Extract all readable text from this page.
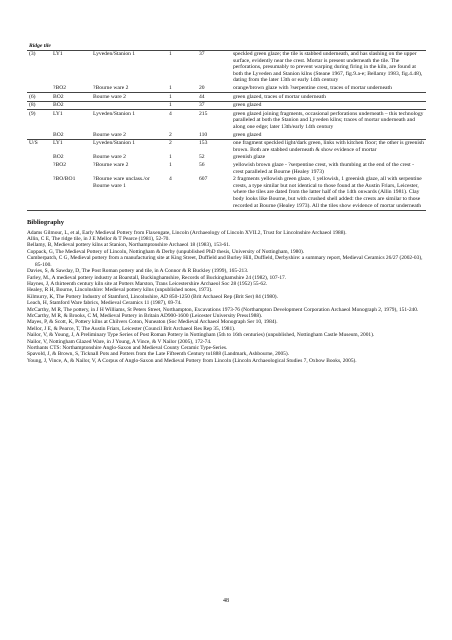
Ridge tile					
(3)	LY1	Lyveden/Stanion 1	1	37	speckled green glaze; the tile is stabbed underneath, and has slashing on the upper surface, evidently near the crest. Mortar is present underneath the tile. The perforations, presumably to prevent warping during firing in the kiln, are found at both the Lyveden and Stanion kilns (Steane 1967, fig.9.a-e; Bellamy 1983, fig.4.48), dating from the later 13th or early 14th century
	?BO2	?Bourne ware 2	1	20	orange/brown glaze with ?serpentine crest, traces of mortar underneath
(6)	BO2	Bourne ware 2	1	44	green glazed, traces of mortar underneath
(8)	BO2		1	37	green glazed
(9)	LY1	Lyveden/Stanion 1	4	215	green glazed joining fragments, occasional perforations underneath – this technology paralleled at both the Stanion and Lyveden kilns; traces of mortar underneath and along one edge; later 13th/early 14th century
	BO2	Bourne ware 2	2	110	green glazed
U/S	LY1	Lyveden/Stanion 1	2	153	one fragment speckled light/dark green, links with kitchen floor; the other is greenish brown. Both are stabbed underneath & show evidence of mortar
	BO2	Bourne ware 2	1	52	greenish glaze
	?BO2	?Bourne ware 2	1	56	yellowish brown glaze - ?serpentine crest, with thumbing at the end of the crest - crest paralleled at Bourne (Healey 1973)
	?BO/BO1	?Bourne ware unclass./or Bourne ware 1	4	607	2 fragments yellowish green glaze, 1 yellowish, 1 greenish glaze, all with serpentine crests, a type similar but not identical to those found at the Austin Friars, Leicester, where the tiles are dated from the latter half of the 14th onwards (Allin 1981). Clay body looks like Bourne, but with crushed shell added: the crests are similar to those recorded at Bourne (Healey 1973). All the tiles show evidence of mortar underneath
Bibliography

Adams Gilmour, L, et al, Early Medieval Pottery from Flaxengate, Lincoln (Archaeology of Lincoln XVII.2, Trust for Lincolnshire Archaeol 1988).

Allin, C E, The ridge tile, in J E Mellor & T Pearce (1981), 52-70.

Bellamy, B, Medieval pottery kilns at Stanion, Northamptonshire Archaeol 18 (1983), 153-61.

Coppack, G, The Medieval Pottery of Lincoln, Nottingham & Derby (unpublished PhD thesis, University of Nottingham, 1980).

Cumberpatch, C G, Medieval pottery from a manufacturing site at King Street, Duffield and Burley Hill, Duffield, Derbyshire: a summary report, Medieval Ceramics 26/27 (2002-03), 85-100.

Davies, S, & Sawday, D, The Post Roman pottery and tile, in A Connor & R Buckley (1999), 165-213.

Farley, M., A medieval pottery industry at Boarstall, Buckinghamshire, Records of Buckinghamshire 24 (1982), 107-17.

Haynes, J, A thirteenth century kiln site at Potters Marston, Trans Leicestershire Archaeol Soc 28 (1952) 55-62.

Healey, R H, Bourne, Lincolnshire: Medieval pottery kilns (unpublished notes, 1973).

Kilmurry, K, The Pottery Industry of Stamford, Lincolnshire, AD 850-1250 (Brit Archaeol Rep (Brit Ser) 84 (1980).

Leach, H, Stamford Ware fabrics, Medieval Ceramics 11 (1987), 69-74.

McCarthy, M R, The pottery, in J H Williams, St Peters Street, Northampton, Excavations 1973-76 (Northampton Development Corporation Archaeol Monograph 2, 1979), 151-240.

McCarthy, M R, & Brooks, C M, Medieval Pottery in Britain AD900-1600 (Leicester University Press1988).

Mayes, P, & Scott, K, Pottery kilns at Chilvers Coton, Nuneaton (Soc Medieval Archaeol Monograph Ser 10, 1984).

Mellor, J E, & Pearce, T, The Austin Friars, Leicester (Council Brit Archaeol Res Rep 35, 1981).

Nailor, V, & Young, J, A Preliminary Type Series of Post Roman Pottery in Nottingham (5th to 16th centuries) (unpublished, Nottingham Castle Museum, 2001).

Nailor, V, Nottingham Glazed Ware, in J Young, A Vince, & V Nailor (2005), 172-74.

Northants CTS: Northamptonshire Anglo-Saxon and Medieval County Ceramic Type-Series.

Spavold, J, & Brown, S, Ticknall Pots and Potters from the Late Fifteenth Century to1888 (Landmark, Ashbourne, 2005).

Young, J, Vince, A, & Nailor, V, A Corpus of Anglo-Saxon and Medieval Pottery from Lincoln (Lincoln Archaeological Studies 7, Oxbow Books, 2005).

48
